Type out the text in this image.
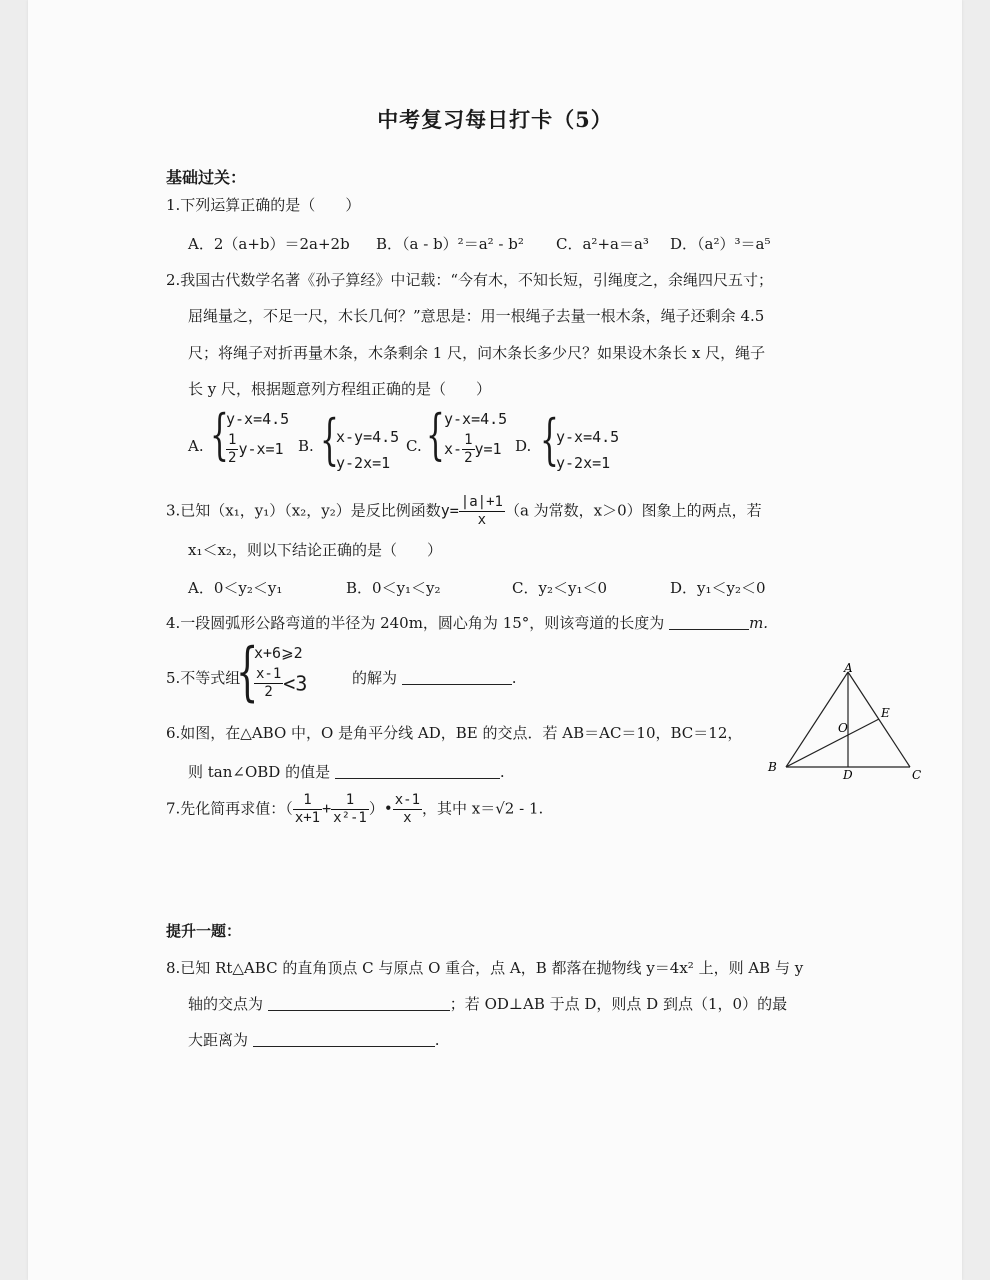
中考复习每日打卡（5）
基础过关：
1.下列运算正确的是（　　）
A．2（a+b）＝2a+2b B．（a - b）²＝a² - b² C．a²+a＝a³ D．（a²）³＝a⁵
2.我国古代数学名著《孙子算经》中记载：“今有木，不知长短，引绳度之，余绳四尺五寸；
屈绳量之，不足一尺，木长几何？”意思是：用一根绳子去量一根木条，绳子还剩余 4.5
尺；将绳子对折再量木条，木条剩余 1 尺，问木条长多少尺？如果设木条长 x 尺，绳子
长 y 尺，根据题意列方程组正确的是（　　）
A. {
y-x=4.5
$\frac{1}{2} y-x=1$ B. {
x-y=4.5
y-2x=1
C. { y-x=4.5
$x- \frac{1}{2} y=1$ D. {
y-x=4.5
y-2x=1
3.已知（x₁，y₁）（x₂，y₂）是反比例函数$y= \frac{|a|+1}{x} (a$ 为常数，x＞0）图象上的两点，若
x₁＜x₂，则以下结论正确的是（　　）
A．0＜y₂＜y₁	B．0＜y₁＜y₂	C．y₂＜y₁＜0	D．y₁＜y₂＜0
4.一段圆弧形公路弯道的半径为 240m，圆心角为 15°，则该弯道的长度为	m.
5.不等式组
{
x+6⩾2
$\frac{x-1}{2} <3$	的解为	.
6.如图，在△ABO 中，O 是角平分线 AD，BE 的交点．若 AB＝AC＝10，BC＝12，
则 tan∠OBD 的值是	.
A
B
C
D
E
O
7.先化简再求值：（ $\frac{1}{x+1} + \frac{1}{\text{x²-1}}$ ）• $\frac{x-1}{x}$ ，其中 x＝√2 - 1.
提升一题：
8.已知 Rt△ABC 的直角顶点 C 与原点 O 重合，点 A，B 都落在抛物线 y＝4x² 上，则 AB 与 y
轴的交点为	；若 OD⊥AB 于点 D，则点 D 到点（1，0）的最
大距离为	.
